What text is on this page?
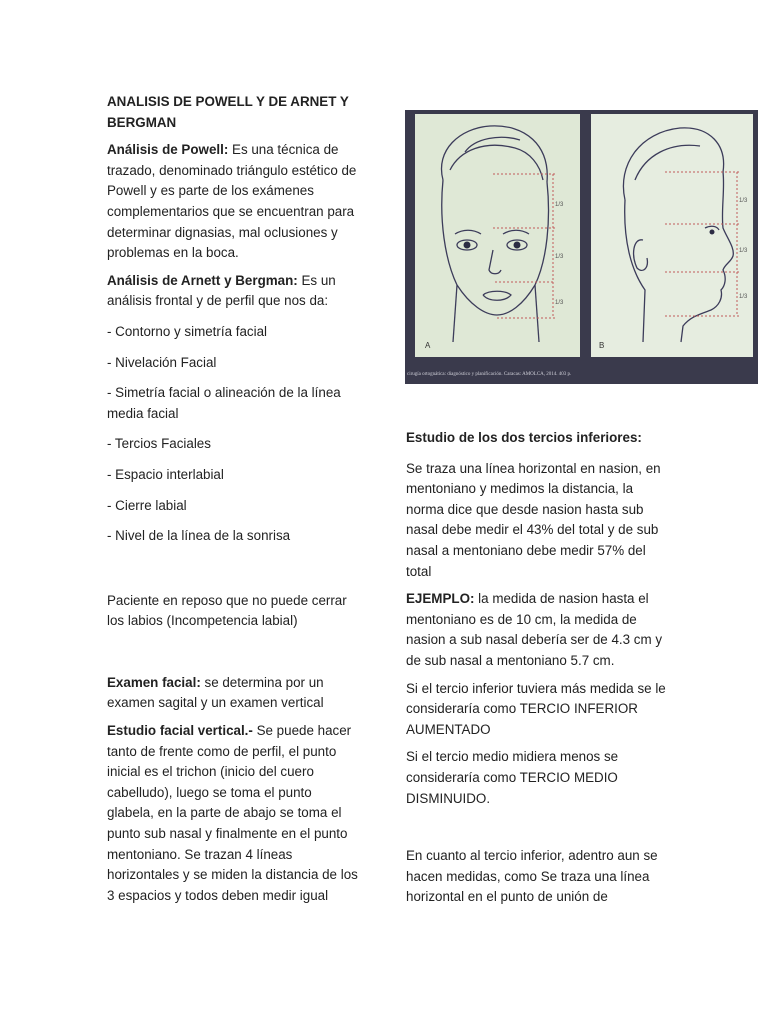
ANALISIS DE POWELL Y DE ARNET Y BERGMAN

Análisis de Powell: Es una técnica de trazado, denominado triángulo estético de Powell y es parte de los exámenes complementarios que se encuentran para determinar dignasias, mal oclusiones y problemas en la boca.

Análisis de Arnett y Bergman: Es un análisis frontal y de perfil que nos da:

- Contorno y simetría facial

- Nivelación Facial

- Simetría facial o alineación de la línea media facial

- Tercios Faciales

- Espacio interlabial

- Cierre labial

- Nivel de la línea de la sonrisa

Paciente en reposo que no puede cerrar los labios (Incompetencia labial)

Examen facial: se determina por un examen sagital y un examen vertical

Estudio facial vertical.- Se puede hacer tanto de frente como de perfil, el punto inicial es el trichon (inicio del cuero cabelludo), luego se toma el punto glabela, en la parte de abajo se toma el punto sub nasal y finalmente en el punto mentoniano. Se trazan 4 líneas horizontales y se miden la distancia de los 3 espacios y todos deben medir igual

1/3
1/3
1/3
A
1/3
1/3
1/3
B
cirugía ortognática: diagnóstico y planificación. Caracas: AMOLCA, 2014. 403 p.

Estudio de los dos tercios inferiores:

Se traza una línea horizontal en nasion, en mentoniano y medimos la distancia, la norma dice que desde nasion hasta sub nasal debe medir el 43% del total y de sub nasal a mentoniano debe medir 57% del total

EJEMPLO: la medida de nasion hasta el mentoniano es de 10 cm, la medida de nasion a sub nasal debería ser de 4.3 cm y de sub nasal a mentoniano 5.7 cm.

Si el tercio inferior tuviera más medida se le consideraría como TERCIO INFERIOR AUMENTADO

Si el tercio medio midiera menos se consideraría como TERCIO MEDIO DISMINUIDO.

En cuanto al tercio inferior, adentro aun se hacen medidas, como Se traza una línea horizontal en el punto de unión de
